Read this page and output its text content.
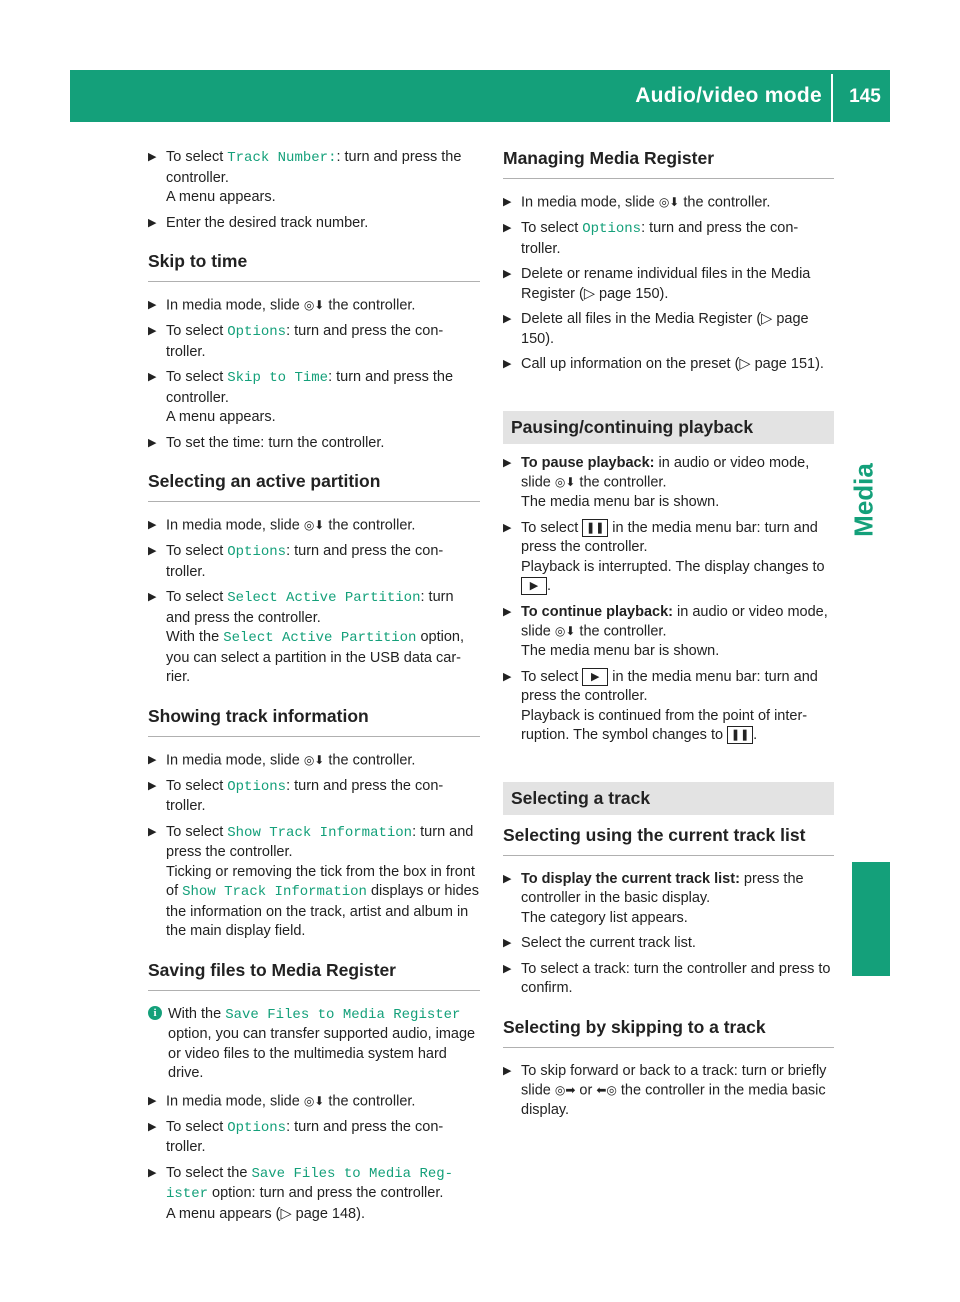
Audio/video mode	145
Media
▶ To select Track Number:: turn and press the controller.
A menu appears.
▶ Enter the desired track number.
Skip to time
▶ In media mode, slide ◎⬇ the controller.
▶ To select Options: turn and press the con-troller.
▶ To select Skip to Time: turn and press the controller.
A menu appears.
▶ To set the time: turn the controller.
Selecting an active partition
▶ In media mode, slide ◎⬇ the controller.
▶ To select Options: turn and press the con-troller.
▶ To select Select Active Partition: turn and press the controller.
With the Select Active Partition option, you can select a partition in the USB data car-rier.
Showing track information
▶ In media mode, slide ◎⬇ the controller.
▶ To select Options: turn and press the con-troller.
▶ To select Show Track Information: turn and press the controller.
Ticking or removing the tick from the box in front of Show Track Information displays or hides the information on the track, artist and album in the main display field.
Saving files to Media Register
i With the Save Files to Media Register option, you can transfer supported audio, image or video files to the multimedia system hard drive.
▶ In media mode, slide ◎⬇ the controller.
▶ To select Options: turn and press the con-troller.
▶ To select the Save Files to Media Reg‐ister option: turn and press the controller.
A menu appears (▷ page 148).
Managing Media Register
▶ In media mode, slide ◎⬇ the controller.
▶ To select Options: turn and press the con-troller.
▶ Delete or rename individual files in the Media Register (▷ page 150).
▶ Delete all files in the Media Register (▷ page 150).
▶ Call up information on the preset (▷ page 151).
Pausing/continuing playback
▶ To pause playback: in audio or video mode, slide ◎⬇ the controller.
The media menu bar is shown.
▶ To select ❚❚ in the media menu bar: turn and press the controller.
Playback is interrupted. The display changes to ▶ .
▶ To continue playback: in audio or video mode, slide ◎⬇ the controller.
The media menu bar is shown.
▶ To select ▶ in the media menu bar: turn and press the controller.
Playback is continued from the point of inter-ruption. The symbol changes to ❚❚ .
Selecting a track
Selecting using the current track list
▶ To display the current track list: press the controller in the basic display.
The category list appears.
▶ Select the current track list.
▶ To select a track: turn the controller and press to confirm.
Selecting by skipping to a track
▶ To skip forward or back to a track: turn or briefly slide ◎➡ or ⬅◎ the controller in the media basic display.
